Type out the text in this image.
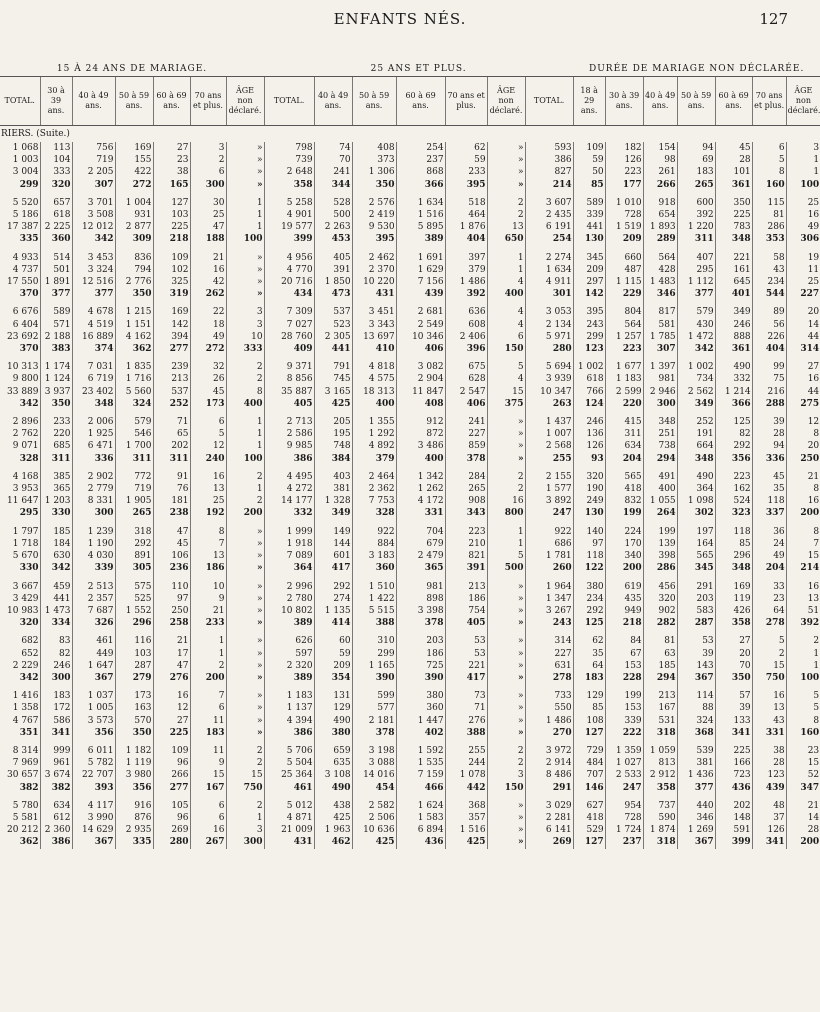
ENFANTS NÉS.	127
15 À 24 ANS DE MARIAGE.							25 ANS ET PLUS.							DURÉE DE MARIAGE NON DÉCLARÉE.						
TOTAL.	30 à 39 ans.	40 à 49 ans.	50 à 59 ans.	60 à 69 ans.	70 ans et plus.	ÂGE non déclaré.	TOTAL.	40 à 49 ans.	50 à 59 ans.	60 à 69 ans.	70 ans et plus.	ÂGE non déclaré.	TOTAL.	18 à 29 ans.	30 à 39 ans.	40 à 49 ans.	50 à 59 ans.	60 à 69 ans.	70 ans et plus.	ÂGE non déclaré.
RIERS. (Suite.)																				
1 068	113	756	169	27	3	»	798	74	408	254	62	»	593	109	182	154	94	45	6	3
1 003	104	719	155	23	2	»	739	70	373	237	59	»	386	59	126	98	69	28	5	1
3 004	333	2 205	422	38	6	»	2 648	241	1 306	868	233	»	827	50	223	261	183	101	8	1
299	320	307	272	165	300	»	358	344	350	366	395	»	214	85	177	266	265	361	160	100

5 520	657	3 701	1 004	127	30	1	5 258	528	2 576	1 634	518	2	3 607	589	1 010	918	600	350	115	25
5 186	618	3 508	931	103	25	1	4 901	500	2 419	1 516	464	2	2 435	339	728	654	392	225	81	16
17 387	2 225	12 012	2 877	225	47	1	19 577	2 263	9 530	5 895	1 876	13	6 191	441	1 519	1 893	1 220	783	286	49
335	360	342	309	218	188	100	399	453	395	389	404	650	254	130	209	289	311	348	353	306

4 933	514	3 453	836	109	21	»	4 956	405	2 462	1 691	397	1	2 274	345	660	564	407	221	58	19
4 737	501	3 324	794	102	16	»	4 770	391	2 370	1 629	379	1	1 634	209	487	428	295	161	43	11
17 550	1 891	12 516	2 776	325	42	»	20 716	1 850	10 220	7 156	1 486	4	4 911	297	1 115	1 483	1 112	645	234	25
370	377	377	350	319	262	»	434	473	431	439	392	400	301	142	229	346	377	401	544	227

6 676	589	4 678	1 215	169	22	3	7 309	537	3 451	2 681	636	4	3 053	395	804	817	579	349	89	20
6 404	571	4 519	1 151	142	18	3	7 027	523	3 343	2 549	608	4	2 134	243	564	581	430	246	56	14
23 692	2 188	16 889	4 162	394	49	10	28 760	2 305	13 697	10 346	2 406	6	5 971	299	1 257	1 785	1 472	888	226	44
370	383	374	362	277	272	333	409	441	410	406	396	150	280	123	223	307	342	361	404	314

10 313	1 174	7 031	1 835	239	32	2	9 371	791	4 818	3 082	675	5	5 694	1 002	1 677	1 397	1 002	490	99	27
9 800	1 124	6 719	1 716	213	26	2	8 856	745	4 575	2 904	628	4	3 939	618	1 183	981	734	332	75	16
33 889	3 937	23 402	5 560	537	45	8	35 887	3 165	18 313	11 847	2 547	15	10 347	766	2 599	2 946	2 562	1 214	216	44
342	350	348	324	252	173	400	405	425	400	408	406	375	263	124	220	300	349	366	288	275

2 896	233	2 006	579	71	6	1	2 713	205	1 355	912	241	»	1 437	246	415	348	252	125	39	12
2 762	220	1 925	546	65	5	1	2 586	195	1 292	872	227	»	1 007	136	311	251	191	82	28	8
9 071	685	6 471	1 700	202	12	1	9 985	748	4 892	3 486	859	»	2 568	126	634	738	664	292	94	20
328	311	336	311	311	240	100	386	384	379	400	378	»	255	93	204	294	348	356	336	250

4 168	385	2 902	772	91	16	2	4 495	403	2 464	1 342	284	2	2 155	320	565	491	490	223	45	21
3 953	365	2 779	719	76	13	1	4 272	381	2 362	1 262	265	2	1 577	190	418	400	364	162	35	8
11 647	1 203	8 331	1 905	181	25	2	14 177	1 328	7 753	4 172	908	16	3 892	249	832	1 055	1 098	524	118	16
295	330	300	265	238	192	200	332	349	328	331	343	800	247	130	199	264	302	323	337	200

1 797	185	1 239	318	47	8	»	1 999	149	922	704	223	1	922	140	224	199	197	118	36	8
1 718	184	1 190	292	45	7	»	1 918	144	884	679	210	1	686	97	170	139	164	85	24	7
5 670	630	4 030	891	106	13	»	7 089	601	3 183	2 479	821	5	1 781	118	340	398	565	296	49	15
330	342	339	305	236	186	»	364	417	360	365	391	500	260	122	200	286	345	348	204	214

3 667	459	2 513	575	110	10	»	2 996	292	1 510	981	213	»	1 964	380	619	456	291	169	33	16
3 429	441	2 357	525	97	9	»	2 780	274	1 422	898	186	»	1 347	234	435	320	203	119	23	13
10 983	1 473	7 687	1 552	250	21	»	10 802	1 135	5 515	3 398	754	»	3 267	292	949	902	583	426	64	51
320	334	326	296	258	233	»	389	414	388	378	405	»	243	125	218	282	287	358	278	392

682	83	461	116	21	1	»	626	60	310	203	53	»	314	62	84	81	53	27	5	2
652	82	449	103	17	1	»	597	59	299	186	53	»	227	35	67	63	39	20	2	1
2 229	246	1 647	287	47	2	»	2 320	209	1 165	725	221	»	631	64	153	185	143	70	15	1
342	300	367	279	276	200	»	389	354	390	390	417	»	278	183	228	294	367	350	750	100

1 416	183	1 037	173	16	7	»	1 183	131	599	380	73	»	733	129	199	213	114	57	16	5
1 358	172	1 005	163	12	6	»	1 137	129	577	360	71	»	550	85	153	167	88	39	13	5
4 767	586	3 573	570	27	11	»	4 394	490	2 181	1 447	276	»	1 486	108	339	531	324	133	43	8
351	341	356	350	225	183	»	386	380	378	402	388	»	270	127	222	318	368	341	331	160

8 314	999	6 011	1 182	109	11	2	5 706	659	3 198	1 592	255	2	3 972	729	1 359	1 059	539	225	38	23
7 969	961	5 782	1 119	96	9	2	5 504	635	3 088	1 535	244	2	2 914	484	1 027	813	381	166	28	15
30 657	3 674	22 707	3 980	266	15	15	25 364	3 108	14 016	7 159	1 078	3	8 486	707	2 533	2 912	1 436	723	123	52
382	382	393	356	277	167	750	461	490	454	466	442	150	291	146	247	358	377	436	439	347

5 780	634	4 117	916	105	6	2	5 012	438	2 582	1 624	368	»	3 029	627	954	737	440	202	48	21
5 581	612	3 990	876	96	6	1	4 871	425	2 506	1 583	357	»	2 281	418	728	590	346	148	37	14
20 212	2 360	14 629	2 935	269	16	3	21 009	1 963	10 636	6 894	1 516	»	6 141	529	1 724	1 874	1 269	591	126	28
362	386	367	335	280	267	300	431	462	425	436	425	»	269	127	237	318	367	399	341	200
